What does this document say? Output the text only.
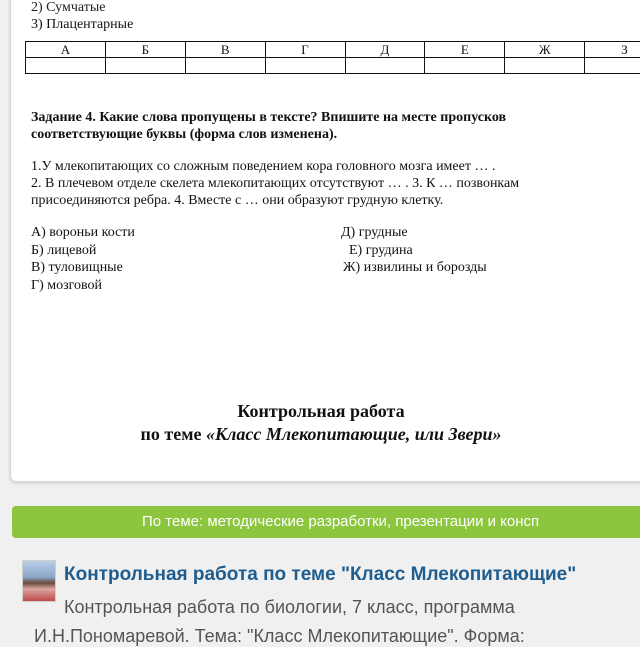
2) Сумчатые
3) Плацентарные
А	Б	В	Г	Д	Е	Ж	З

Задание 4. Какие слова пропущены в тексте? Впишите на месте пропусков соответствующие буквы (форма слов изменена).

1.У млекопитающих со сложным поведением кора головного мозга имеет … .

2. В плечевом отделе скелета млекопитающих отсутствуют … . 3. К … позвонкам присоединяются ребра. 4. Вместе с … они образуют грудную клетку.

А) вороньи кости
Б) лицевой
В) туловищные
Г) мозговой
Д) грудные
Е) грудина
Ж) извилины и борозды
Контрольная работа
по теме «Класс Млекопитающие, или Звери»
По теме: методические разработки, презентации и консп
Контрольная работа по теме "Класс Млекопитающие"
Контрольная работа по биологии, 7 класс, программа
И.Н.Пономаревой. Тема: "Класс Млекопитающие". Форма:
